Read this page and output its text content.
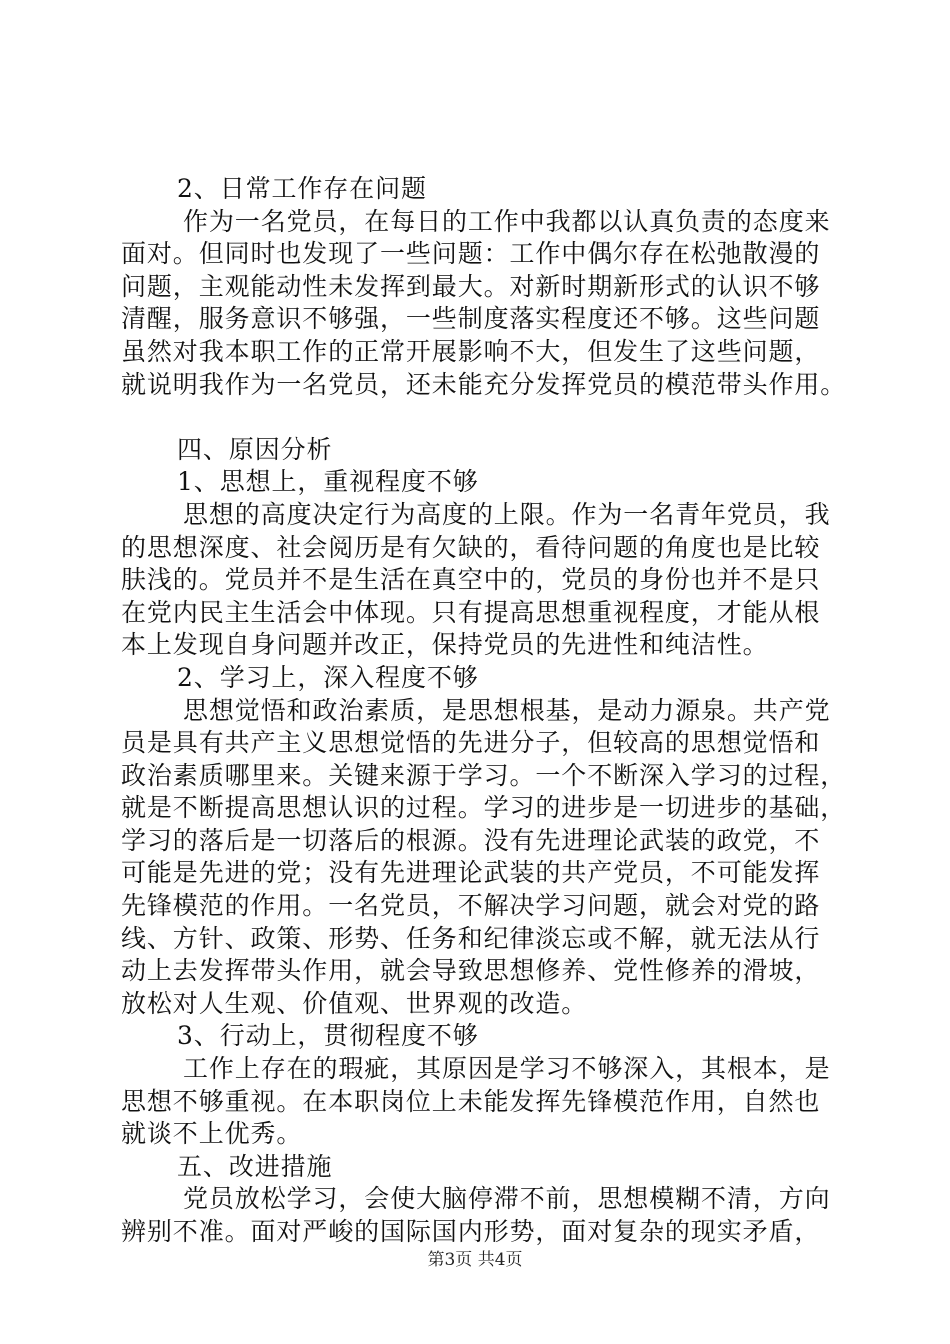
2、日常工作存在问题
作为一名党员，在每日的工作中我都以认真负责的态度来
面对。但同时也发现了一些问题：工作中偶尔存在松弛散漫的
问题，主观能动性未发挥到最大。对新时期新形式的认识不够
清醒，服务意识不够强，一些制度落实程度还不够。这些问题
虽然对我本职工作的正常开展影响不大，但发生了这些问题，
就说明我作为一名党员，还未能充分发挥党员的模范带头作用。
四、原因分析
1、思想上，重视程度不够
思想的高度决定行为高度的上限。作为一名青年党员，我
的思想深度、社会阅历是有欠缺的，看待问题的角度也是比较
肤浅的。党员并不是生活在真空中的，党员的身份也并不是只
在党内民主生活会中体现。只有提高思想重视程度，才能从根
本上发现自身问题并改正，保持党员的先进性和纯洁性。
2、学习上，深入程度不够
思想觉悟和政治素质，是思想根基，是动力源泉。共产党
员是具有共产主义思想觉悟的先进分子，但较高的思想觉悟和
政治素质哪里来。关键来源于学习。一个不断深入学习的过程，
就是不断提高思想认识的过程。学习的进步是一切进步的基础，
学习的落后是一切落后的根源。没有先进理论武装的政党，不
可能是先进的党；没有先进理论武装的共产党员，不可能发挥
先锋模范的作用。一名党员，不解决学习问题，就会对党的路
线、方针、政策、形势、任务和纪律淡忘或不解，就无法从行
动上去发挥带头作用，就会导致思想修养、党性修养的滑坡，
放松对人生观、价值观、世界观的改造。
3、行动上，贯彻程度不够
工作上存在的瑕疵，其原因是学习不够深入，其根本，是
思想不够重视。在本职岗位上未能发挥先锋模范作用，自然也
就谈不上优秀。
五、改进措施
党员放松学习，会使大脑停滞不前，思想模糊不清，方向
辨别不准。面对严峻的国际国内形势，面对复杂的现实矛盾，
第3页 共4页
